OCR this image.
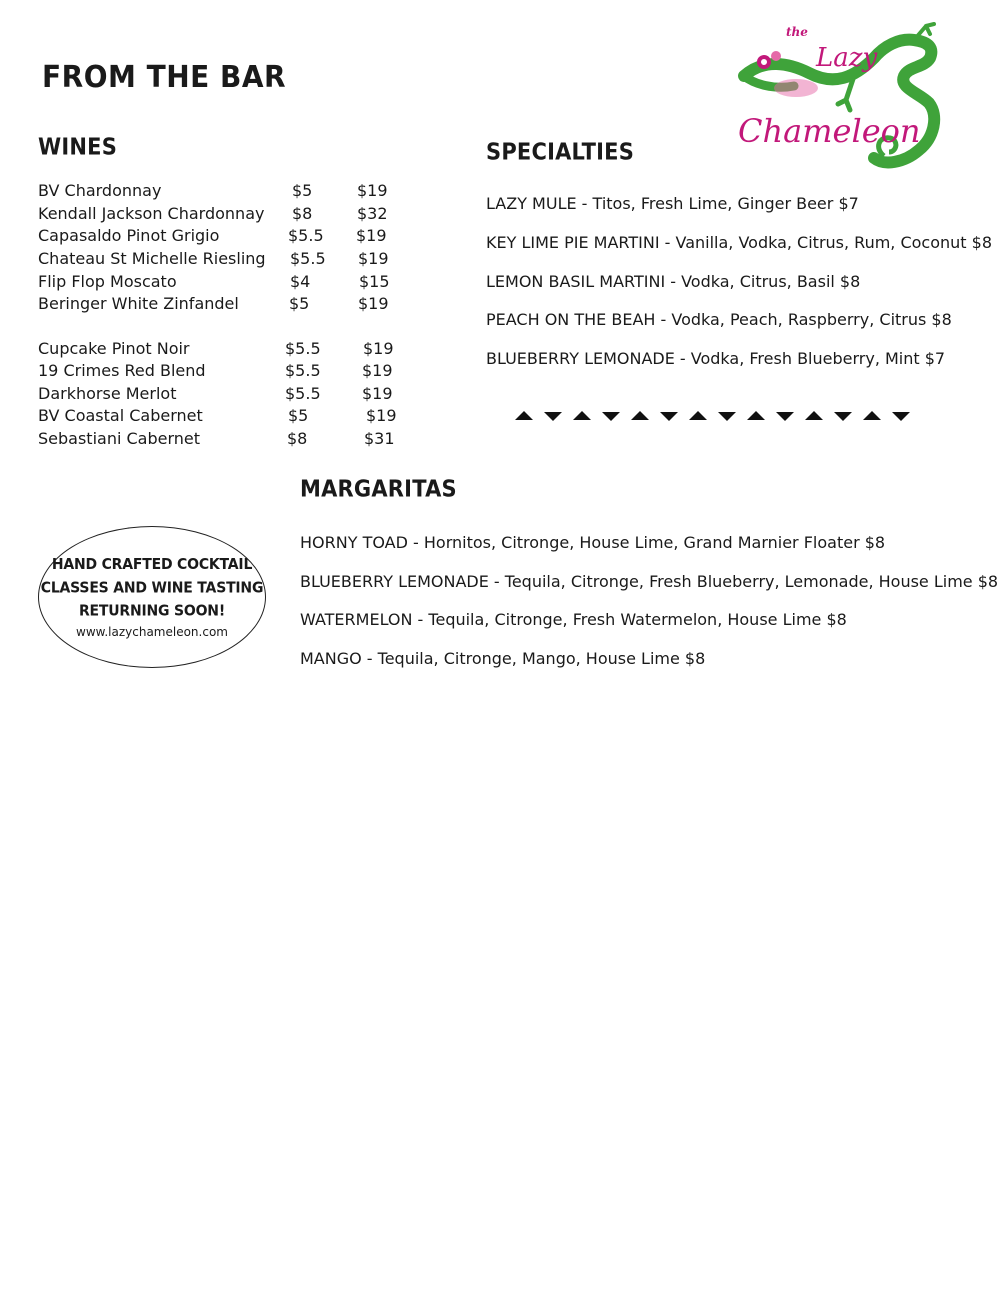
FROM THE BAR
the
Lazy
Chameleon
WINES
BV Chardonnay	$5	$19
Kendall Jackson Chardonnay $8	$32
Capasaldo Pinot Grigio	$5.5 $19
Chateau St Michelle Riesling $5.5 $19
Flip Flop Moscato	$4	$15
Beringer White Zinfandel	$5	$19
Cupcake Pinot Noir	$5.5	$19
19 Crimes Red Blend	$5.5	$19
Darkhorse Merlot	$5.5	$19
BV Coastal Cabernet	$5	$19
Sebastiani Cabernet	$8	$31
SPECIALTIES
LAZY MULE - Titos, Fresh Lime, Ginger Beer $7
KEY LIME PIE MARTINI - Vanilla, Vodka, Citrus, Rum, Coconut $8
LEMON BASIL MARTINI - Vodka, Citrus, Basil $8
PEACH ON THE BEAH - Vodka, Peach, Raspberry, Citrus $8
BLUEBERRY LEMONADE - Vodka, Fresh Blueberry, Mint $7
MARGARITAS
HORNY TOAD - Hornitos, Citronge, House Lime, Grand Marnier Floater $8
BLUEBERRY LEMONADE - Tequila, Citronge, Fresh Blueberry, Lemonade, House Lime $8
WATERMELON - Tequila, Citronge, Fresh Watermelon, House Lime $8
MANGO - Tequila, Citronge, Mango, House Lime $8
HAND CRAFTED COCKTAIL
CLASSES AND WINE TASTING
RETURNING SOON!
www.lazychameleon.com
